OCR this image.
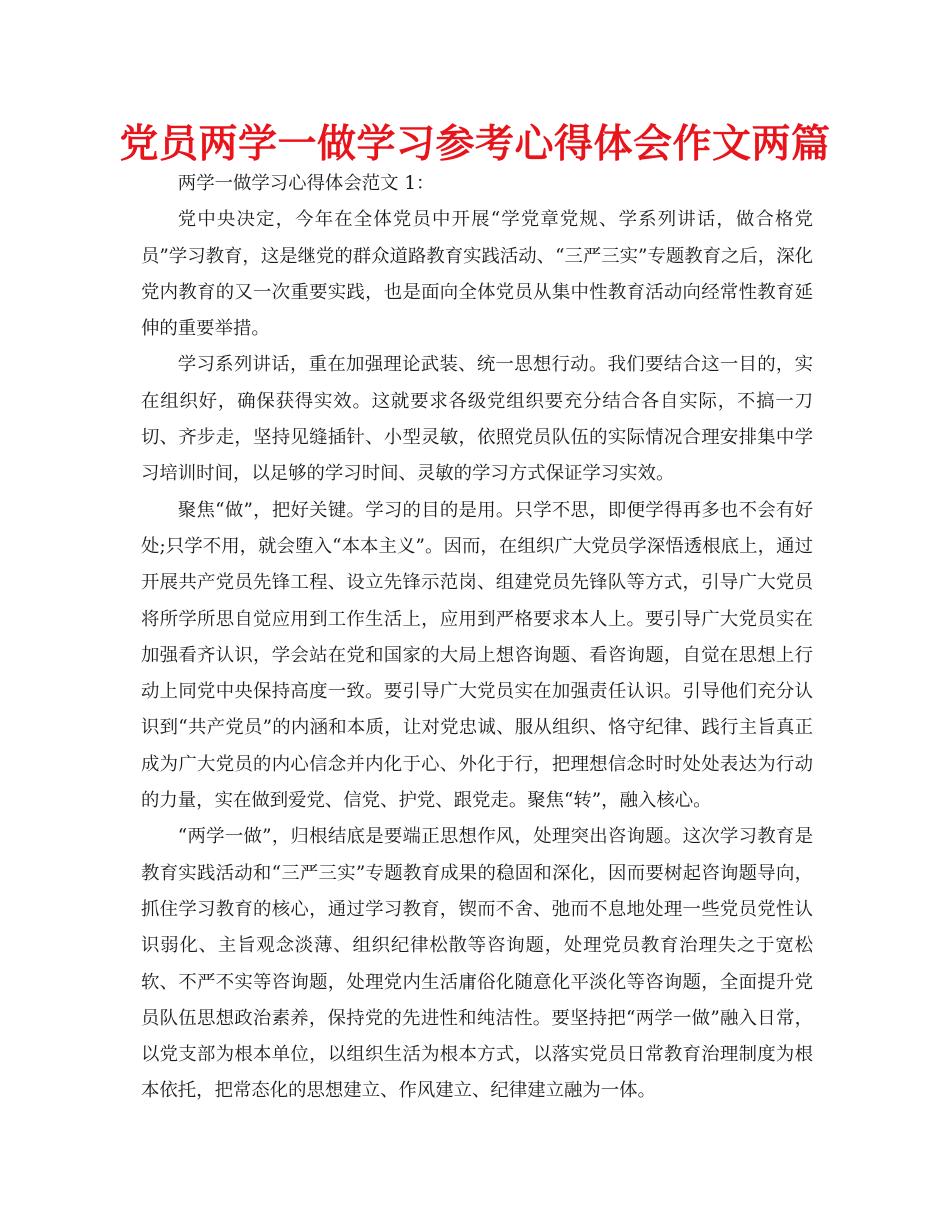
党员两学一做学习参考心得体会作文两篇

两学一做学习心得体会范文 1：

党中央决定，今年在全体党员中开展“学党章党规、学系列讲话，做合格党员”学习教育，这是继党的群众道路教育实践活动、“三严三实”专题教育之后，深化党内教育的又一次重要实践，也是面向全体党员从集中性教育活动向经常性教育延伸的重要举措。

学习系列讲话，重在加强理论武装、统一思想行动。我们要结合这一目的，实在组织好，确保获得实效。这就要求各级党组织要充分结合各自实际，不搞一刀切、齐步走，坚持见缝插针、小型灵敏，依照党员队伍的实际情况合理安排集中学习培训时间，以足够的学习时间、灵敏的学习方式保证学习实效。

聚焦“做”，把好关键。学习的目的是用。只学不思，即便学得再多也不会有好处;只学不用，就会堕入“本本主义”。因而，在组织广大党员学深悟透根底上，通过开展共产党员先锋工程、设立先锋示范岗、组建党员先锋队等方式，引导广大党员将所学所思自觉应用到工作生活上，应用到严格要求本人上。要引导广大党员实在加强看齐认识，学会站在党和国家的大局上想咨询题、看咨询题，自觉在思想上行动上同党中央保持高度一致。要引导广大党员实在加强责任认识。引导他们充分认识到“共产党员”的内涵和本质，让对党忠诚、服从组织、恪守纪律、践行主旨真正成为广大党员的内心信念并内化于心、外化于行，把理想信念时时处处表达为行动的力量，实在做到爱党、信党、护党、跟党走。聚焦“转”，融入核心。

“两学一做”，归根结底是要端正思想作风，处理突出咨询题。这次学习教育是教育实践活动和“三严三实”专题教育成果的稳固和深化，因而要树起咨询题导向，抓住学习教育的核心，通过学习教育，锲而不舍、弛而不息地处理一些党员党性认识弱化、主旨观念淡薄、组织纪律松散等咨询题，处理党员教育治理失之于宽松软、不严不实等咨询题，处理党内生活庸俗化随意化平淡化等咨询题，全面提升党员队伍思想政治素养，保持党的先进性和纯洁性。要坚持把“两学一做”融入日常，以党支部为根本单位，以组织生活为根本方式，以落实党员日常教育治理制度为根本依托，把常态化的思想建立、作风建立、纪律建立融为一体。
